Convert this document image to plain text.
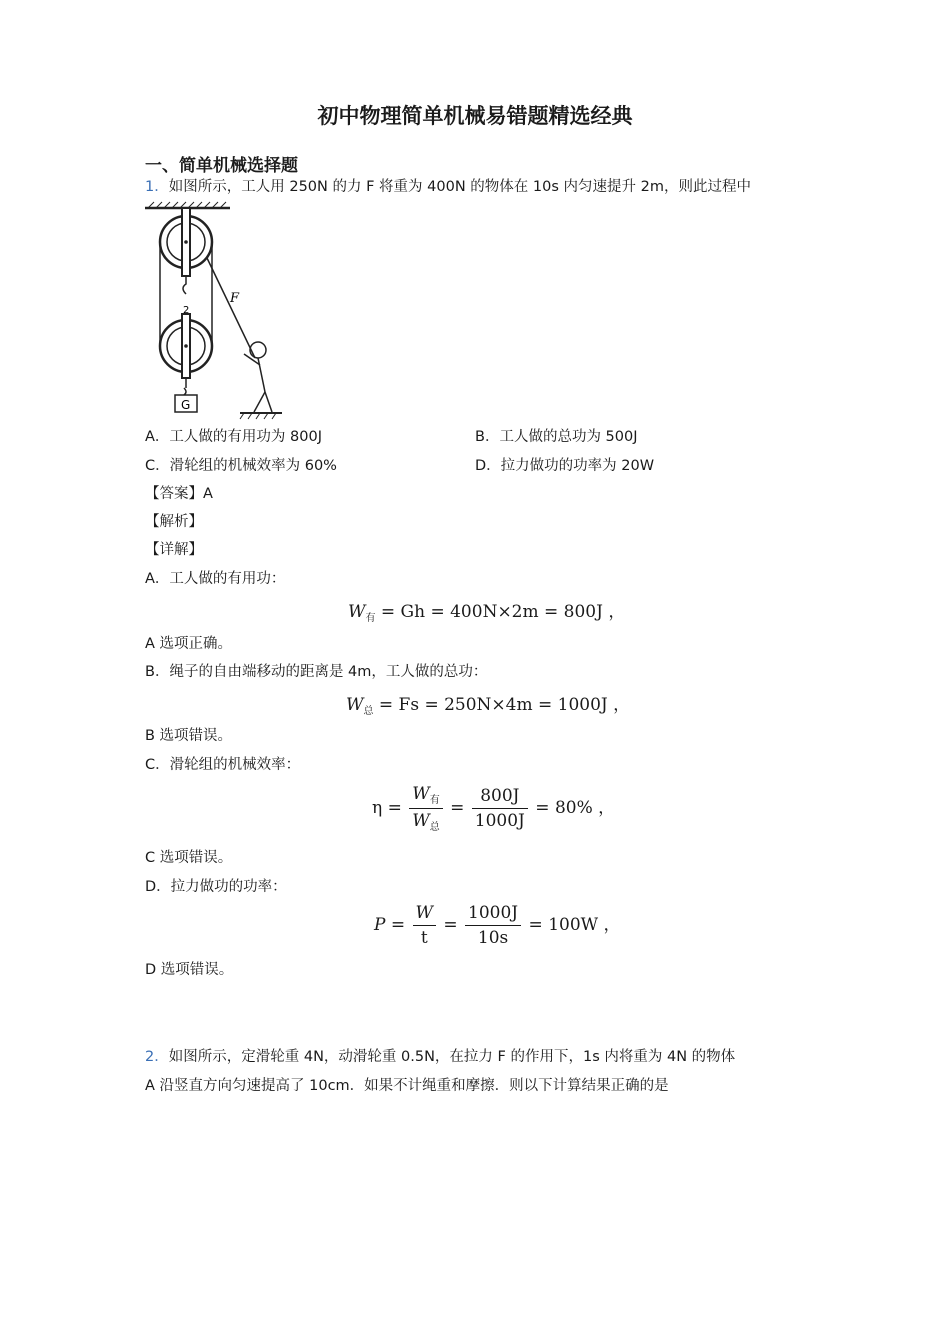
初中物理简单机械易错题精选经典
一、简单机械选择题
1．如图所示，工人用 250N 的力 F 将重为 400N 的物体在 10s 内匀速提升 2m，则此过程中
2
F
G
A．工人做的有用功为 800J	B．工人做的总功为 500J
C．滑轮组的机械效率为 60%	D．拉力做功的功率为 20W
【答案】A
【解析】
【详解】
A．工人做的有用功：
$W_有 = Gh = 400N\times 2m = 800J$ ，
A 选项正确。
B．绳子的自由端移动的距离是 4m，工人做的总功：
$W_总 = Fs = 250N\times 4m = 1000J$ ，
B 选项错误。
C．滑轮组的机械效率：
$\eta = \frac{W_有}{W_总} = \frac{800J}{1000J} = 80\%$ ，
C 选项错误。
D．拉力做功的功率：
$P = \frac{W}{t} = \frac{1000J}{10s} = 100W$ ，
D 选项错误。
2．如图所示，定滑轮重 4N，动滑轮重 0.5N，在拉力 F 的作用下，1s 内将重为 4N 的物体
A 沿竖直方向匀速提高了 10cm．如果不计绳重和摩擦．则以下计算结果正确的是
